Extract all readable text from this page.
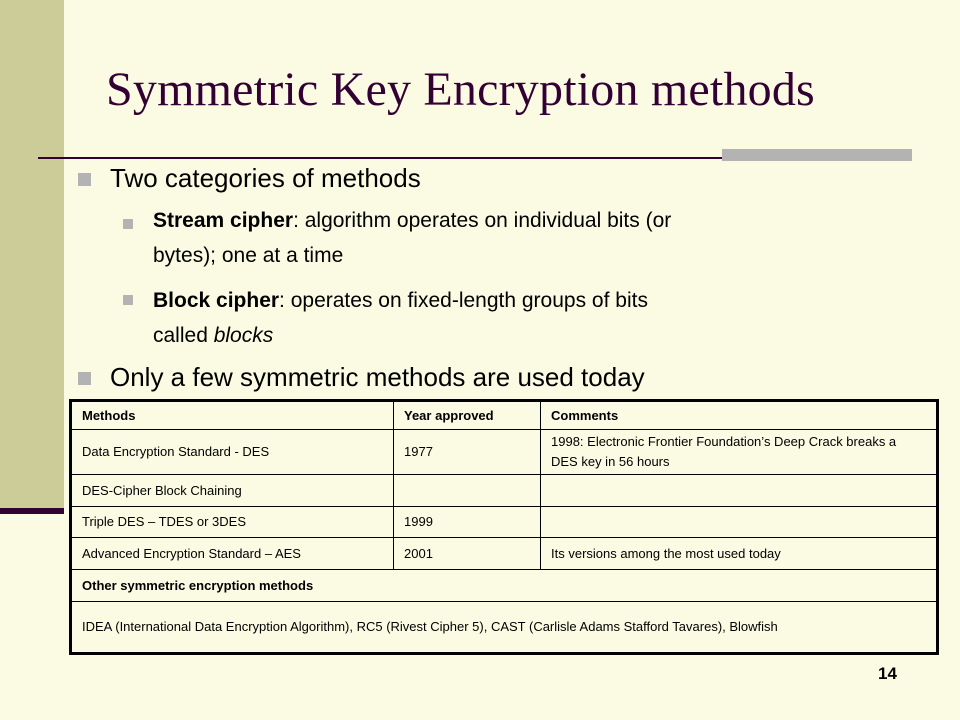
Symmetric Key Encryption methods
Two categories of methods
Stream cipher: algorithm operates on individual bits (or
bytes); one at a time
Block cipher: operates on fixed-length groups of bits
called blocks
Only a few symmetric methods are used today
Methods	Year approved	Comments
Data Encryption Standard - DES	1977	1998: Electronic Frontier Foundation’s Deep Crack breaks a DES key in 56 hours
DES-Cipher Block Chaining		
Triple DES – TDES or 3DES	1999	
Advanced Encryption Standard – AES	2001	Its versions among the most used today
Other symmetric encryption methods		
IDEA (International Data Encryption Algorithm), RC5 (Rivest Cipher 5), CAST (Carlisle Adams Stafford Tavares), Blowfish		
14
